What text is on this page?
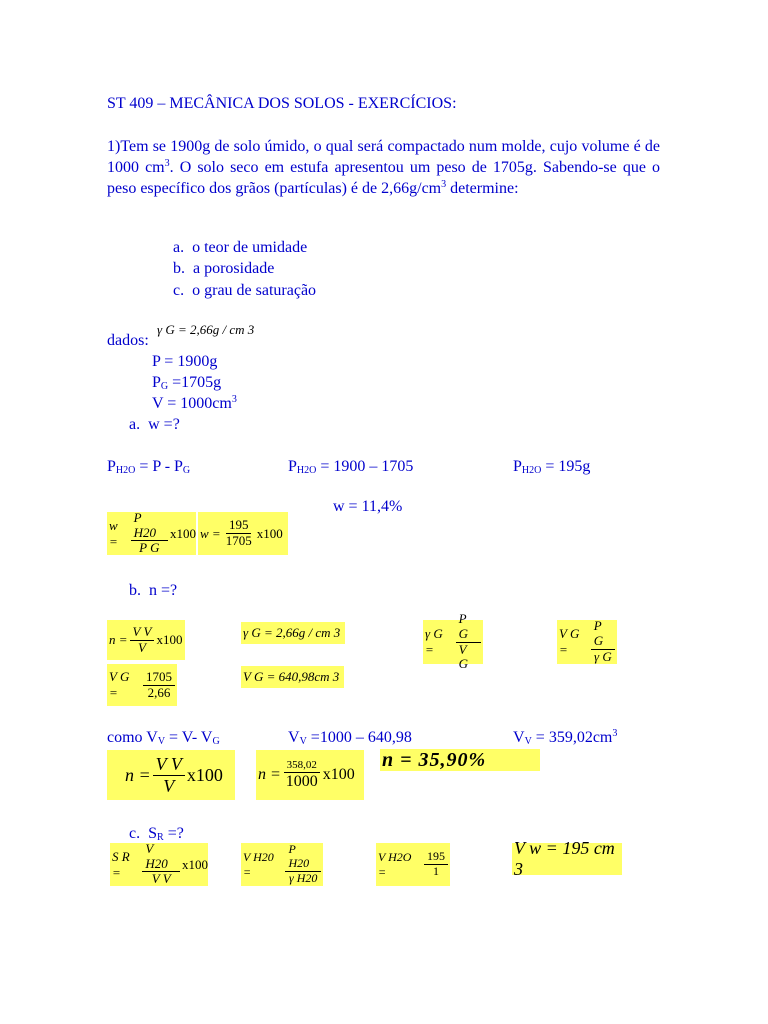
ST 409 – MECÂNICA DOS SOLOS - EXERCÍCIOS:
1)Tem se 1900g de solo úmido, o qual será compactado num molde, cujo volume é de 1000 $cm^3$. O solo seco em estufa apresentou um peso de 1705g. Sabendo-se que o peso específico dos grãos (partículas) é de $2,66g/cm^3$ determine:
a. o teor de umidade
b. a porosidade
c. o grau de saturação
dados:
γ G = 2,66g / cm 3
P = 1900g
$P_G =1705g$
$V = 1000cm^3$
a. w =?
$P_{H2O} = P - P_G$	$P_{H2O} = 1900 - 1705$	$P_{H2O} = 195g$
w = 11,4%
$w = \frac{\text{P H20}}{\text{P G}} x100$ $w = \frac{195}{1705} x100$
b. n =?
$n = \frac{\text{V V}}{V} x100$	γ G = 2,66g / cm 3	γ G =	$\frac{\text{P G}}{\text{V G}}$	V G =	$\frac{\text{P G}}{\text{γ G}}$
V G =	$\frac{1705}{2,66}$	V G = 640,98cm 3
como $V_V = V-$ $V_G$	$V_V =1000 - 640,98$	$V_V = 359,02cm^3$
$n = \frac{\text{V V}}{V} x100$ $n = \frac{358,02}{1000} x100$
n = 35,90%
c. $S_R$ =?
S R =	$\frac{\text{V H20}}{\text{V V}} x100$	V H20 =	$\frac{\text{P H20}}{\text{γ H20}}$	V H2O =	$\frac{195}{1}$
V w = 195 cm 3
